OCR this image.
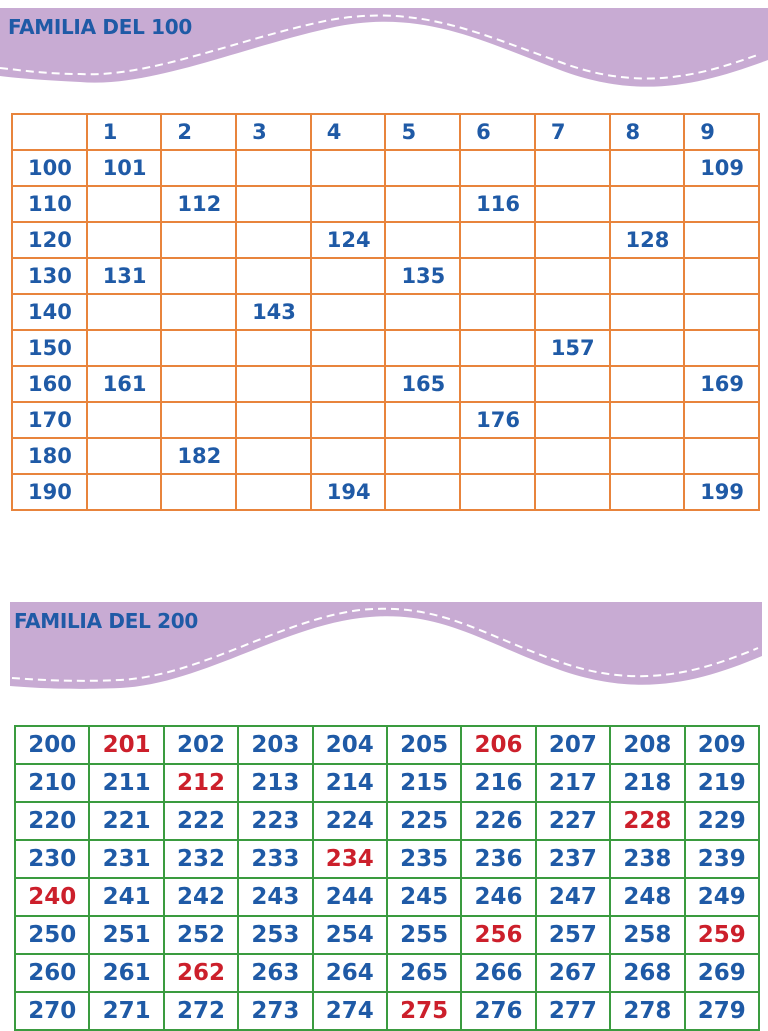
FAMILIA DEL 100
	1	2	3	4	5	6	7	8	9
100	101								109
110		112				116			
120				124				128	
130	131				135				
140			143						
150							157		
160	161				165				169
170						176			
180		182							
190				194					199
FAMILIA DEL 200
200	201	202	203	204	205	206	207	208	209
210	211	212	213	214	215	216	217	218	219
220	221	222	223	224	225	226	227	228	229
230	231	232	233	234	235	236	237	238	239
240	241	242	243	244	245	246	247	248	249
250	251	252	253	254	255	256	257	258	259
260	261	262	263	264	265	266	267	268	269
270	271	272	273	274	275	276	277	278	279
